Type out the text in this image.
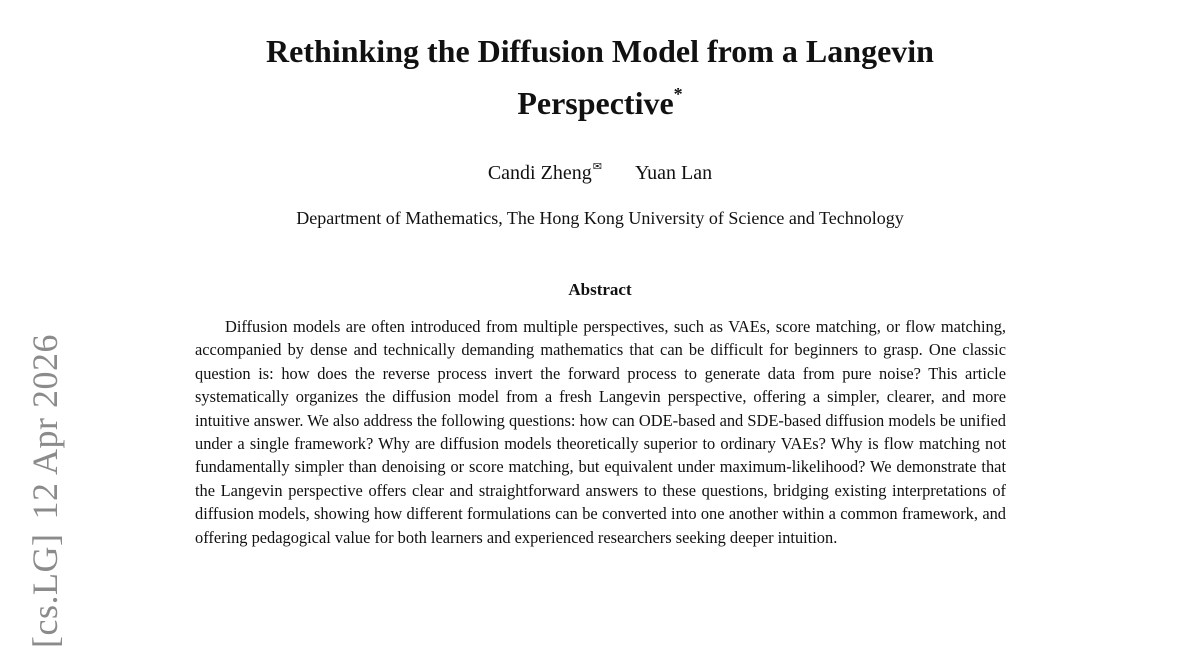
[cs.LG]12 Apr 2026
Rethinking the Diffusion Model from a Langevin Perspective*
Candi Zheng✉ Yuan Lan
Department of Mathematics, The Hong Kong University of Science and Technology
Abstract

Diffusion models are often introduced from multiple perspectives, such as VAEs, score matching, or flow matching, accompanied by dense and technically demanding mathematics that can be difficult for beginners to grasp. One classic question is: how does the reverse process invert the forward process to generate data from pure noise? This article systematically organizes the diffusion model from a fresh Langevin perspective, offering a simpler, clearer, and more intuitive answer. We also address the following questions: how can ODE-based and SDE-based diffusion models be unified under a single framework? Why are diffusion models theoretically superior to ordinary VAEs? Why is flow matching not fundamentally simpler than denoising or score matching, but equivalent under maximum-likelihood? We demonstrate that the Langevin perspective offers clear and straightforward answers to these questions, bridging existing interpretations of diffusion models, showing how different formulations can be converted into one another within a common framework, and offering pedagogical value for both learners and experienced researchers seeking deeper intuition.
